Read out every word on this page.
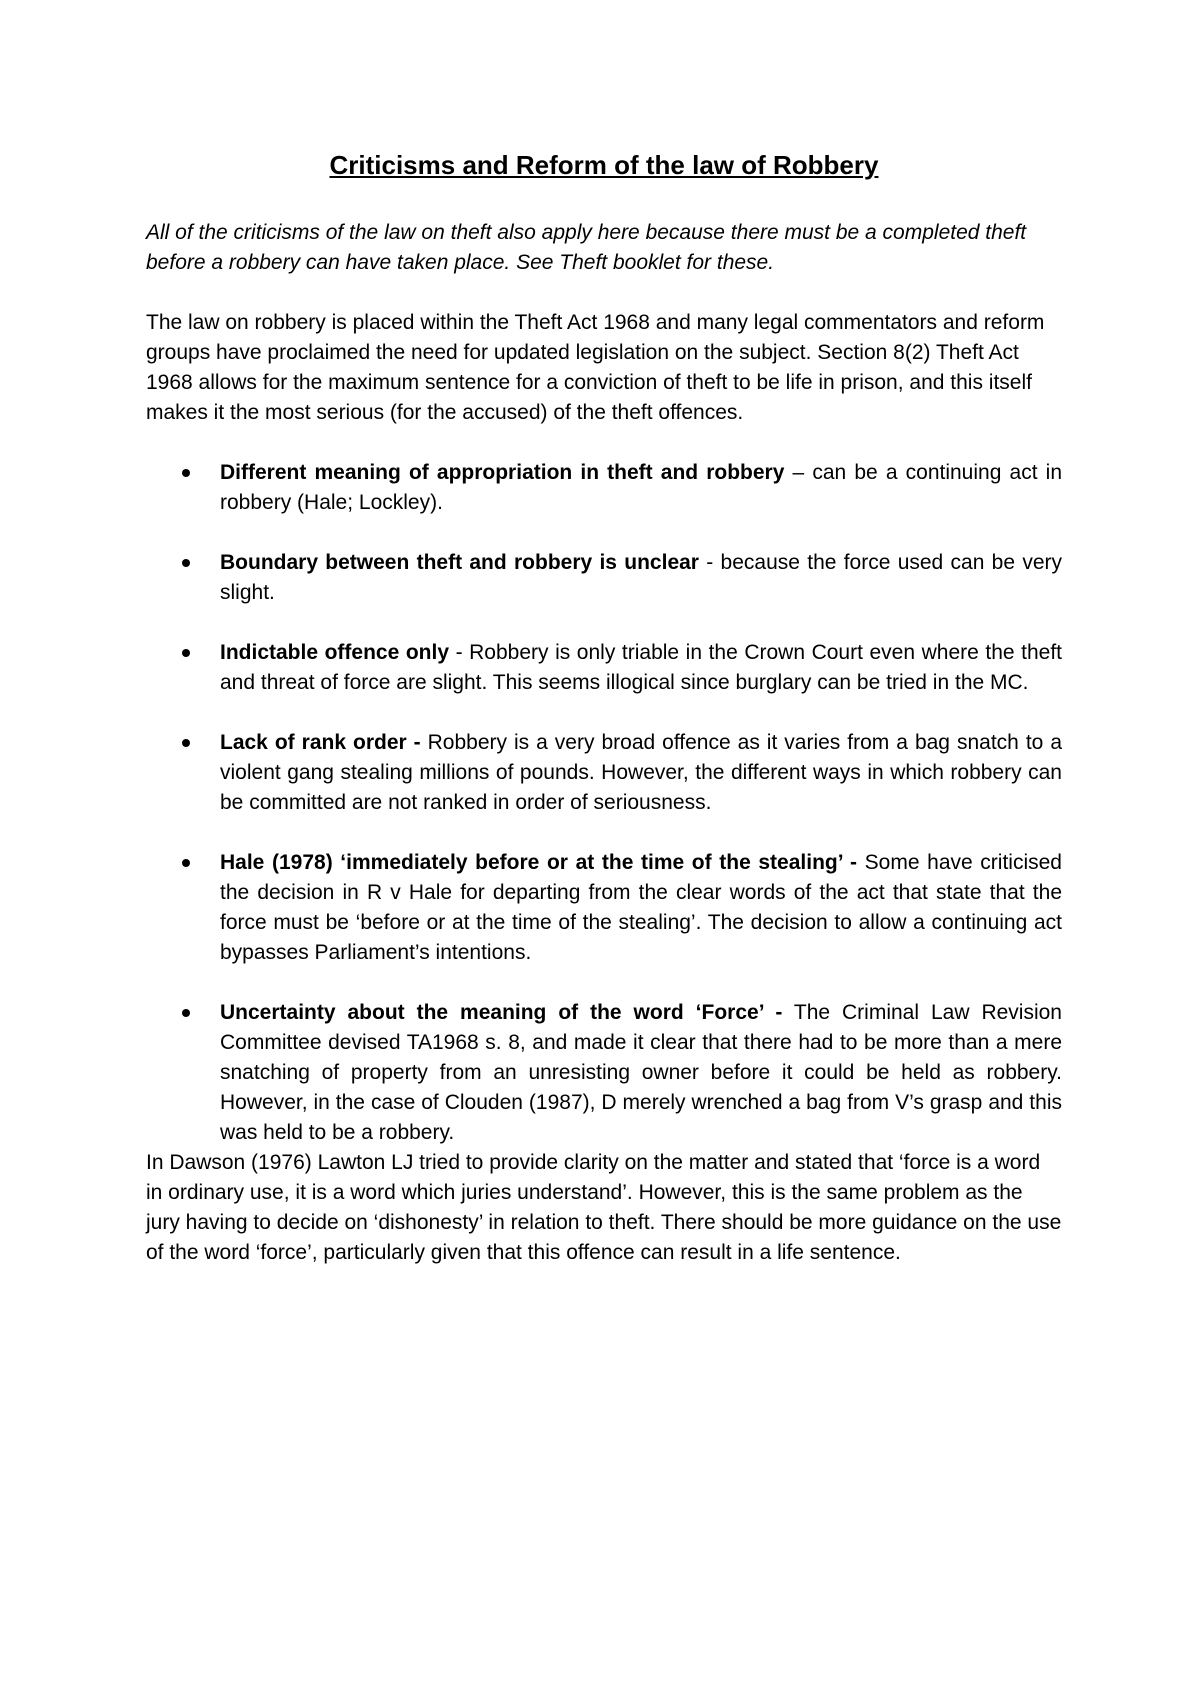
Criticisms and Reform of the law of Robbery

All of the criticisms of the law on theft also apply here because there must be a completed theft before a robbery can have taken place. See Theft booklet for these.

The law on robbery is placed within the Theft Act 1968 and many legal commentators and reform groups have proclaimed the need for updated legislation on the subject. Section 8(2) Theft Act 1968 allows for the maximum sentence for a conviction of theft to be life in prison, and this itself makes it the most serious (for the accused) of the theft offences.

Different meaning of appropriation in theft and robbery – can be a continuing act in robbery (Hale; Lockley).
Boundary between theft and robbery is unclear - because the force used can be very slight.
Indictable offence only - Robbery is only triable in the Crown Court even where the theft and threat of force are slight. This seems illogical since burglary can be tried in the MC.
Lack of rank order - Robbery is a very broad offence as it varies from a bag snatch to a violent gang stealing millions of pounds. However, the different ways in which robbery can be committed are not ranked in order of seriousness.
Hale (1978) ‘immediately before or at the time of the stealing’ - Some have criticised the decision in R v Hale for departing from the clear words of the act that state that the force must be ‘before or at the time of the stealing’. The decision to allow a continuing act bypasses Parliament’s intentions.
Uncertainty about the meaning of the word ‘Force’ - The Criminal Law Revision Committee devised TA1968 s. 8, and made it clear that there had to be more than a mere snatching of property from an unresisting owner before it could be held as robbery. However, in the case of Clouden (1987), D merely wrenched a bag from V’s grasp and this was held to be a robbery.

In Dawson (1976) Lawton LJ tried to provide clarity on the matter and stated that ‘force is a word in ordinary use, it is a word which juries understand’. However, this is the same problem as the jury having to decide on ‘dishonesty’ in relation to theft. There should be more guidance on the use of the word ‘force’, particularly given that this offence can result in a life sentence.
